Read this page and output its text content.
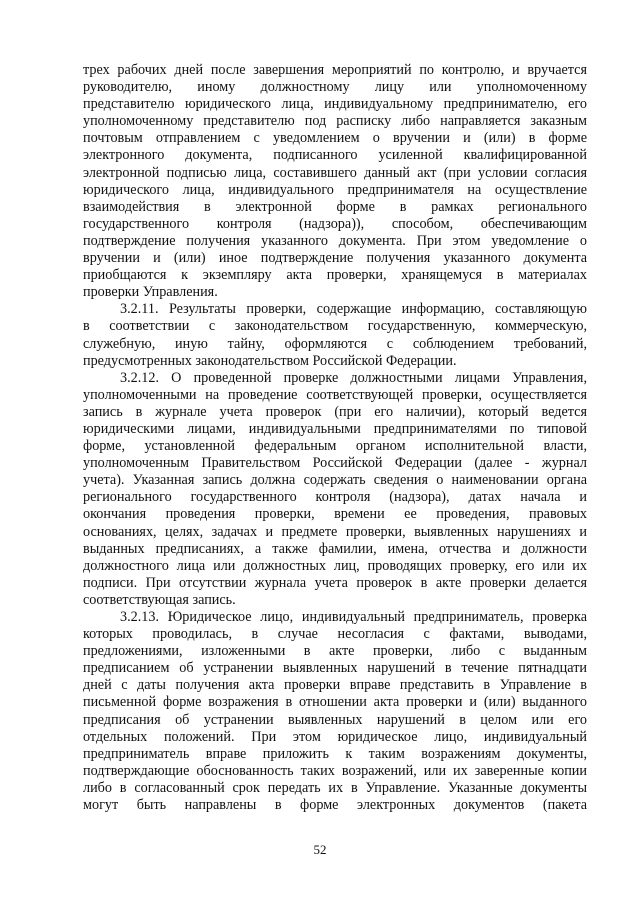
трех рабочих дней после завершения мероприятий по контролю, и вручается
руководителю, иному должностному лицу или уполномоченному
представителю юридического лица, индивидуальному предпринимателю, его
уполномоченному представителю под расписку либо направляется заказным
почтовым отправлением с уведомлением о вручении и (или) в форме
электронного документа, подписанного усиленной квалифицированной
электронной подписью лица, составившего данный акт (при условии согласия
юридического лица, индивидуального предпринимателя на осуществление
взаимодействия в электронной форме в рамках регионального
государственного контроля (надзора)), способом, обеспечивающим
подтверждение получения указанного документа. При этом уведомление о
вручении и (или) иное подтверждение получения указанного документа
приобщаются к экземпляру акта проверки, хранящемуся в материалах
проверки Управления.
3.2.11. Результаты проверки, содержащие информацию, составляющую
в соответствии с законодательством государственную, коммерческую,
служебную, иную тайну, оформляются с соблюдением требований,
предусмотренных законодательством Российской Федерации.
3.2.12. О проведенной проверке должностными лицами Управления,
уполномоченными на проведение соответствующей проверки, осуществляется
запись в журнале учета проверок (при его наличии), который ведется
юридическими лицами, индивидуальными предпринимателями по типовой
форме, установленной федеральным органом исполнительной власти,
уполномоченным Правительством Российской Федерации (далее - журнал
учета). Указанная запись должна содержать сведения о наименовании органа
регионального государственного контроля (надзора), датах начала и
окончания проведения проверки, времени ее проведения, правовых
основаниях, целях, задачах и предмете проверки, выявленных нарушениях и
выданных предписаниях, а также фамилии, имена, отчества и должности
должностного лица или должностных лиц, проводящих проверку, его или их
подписи. При отсутствии журнала учета проверок в акте проверки делается
соответствующая запись.
3.2.13. Юридическое лицо, индивидуальный предприниматель, проверка
которых проводилась, в случае несогласия с фактами, выводами,
предложениями, изложенными в акте проверки, либо с выданным
предписанием об устранении выявленных нарушений в течение пятнадцати
дней с даты получения акта проверки вправе представить в Управление в
письменной форме возражения в отношении акта проверки и (или) выданного
предписания об устранении выявленных нарушений в целом или его
отдельных положений. При этом юридическое лицо, индивидуальный
предприниматель вправе приложить к таким возражениям документы,
подтверждающие обоснованность таких возражений, или их заверенные копии
либо в согласованный срок передать их в Управление. Указанные документы
могут быть направлены в форме электронных документов (пакета
52
